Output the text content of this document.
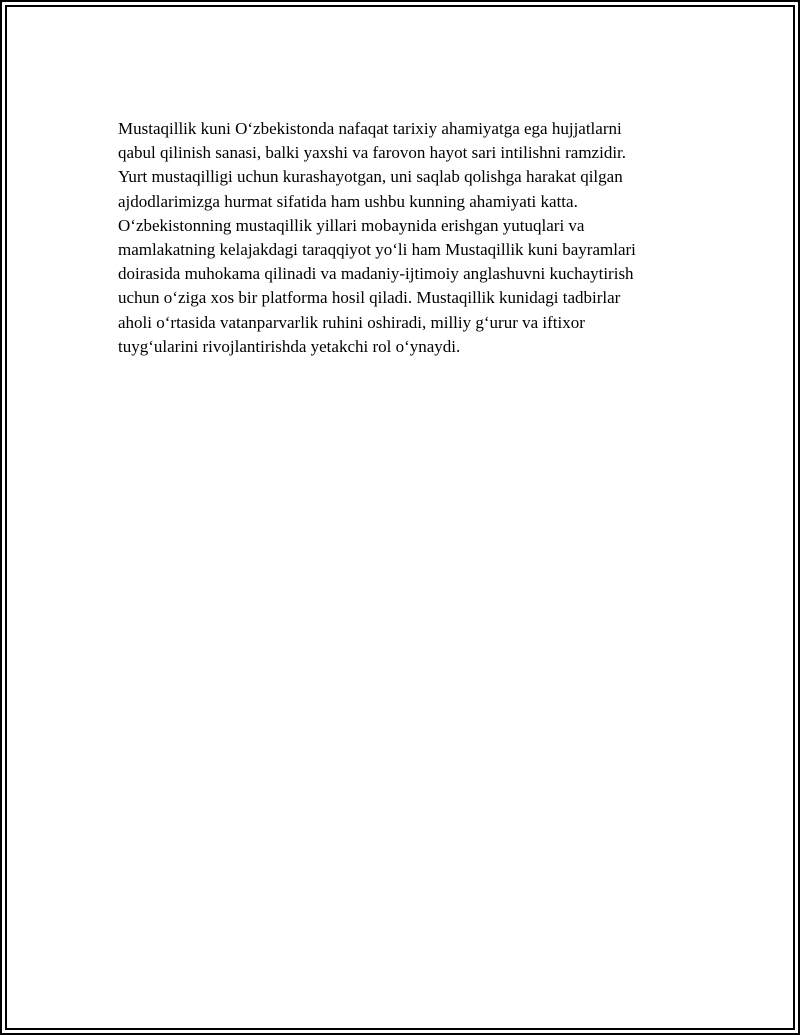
Mustaqillik kuni O‘zbekistonda nafaqat tarixiy ahamiyatga ega hujjatlarni
qabul qilinish sanasi, balki yaxshi va farovon hayot sari intilishni ramzidir.
Yurt mustaqilligi uchun kurashayotgan, uni saqlab qolishga harakat qilgan
ajdodlarimizga hurmat sifatida ham ushbu kunning ahamiyati katta.
O‘zbekistonning mustaqillik yillari mobaynida erishgan yutuqlari va
mamlakatning kelajakdagi taraqqiyot yo‘li ham Mustaqillik kuni bayramlari
doirasida muhokama qilinadi va madaniy-ijtimoiy anglashuvni kuchaytirish
uchun o‘ziga xos bir platforma hosil qiladi. Mustaqillik kunidagi tadbirlar
aholi o‘rtasida vatanparvarlik ruhini oshiradi, milliy g‘urur va iftixor
tuyg‘ularini rivojlantirishda yetakchi rol o‘ynaydi.
